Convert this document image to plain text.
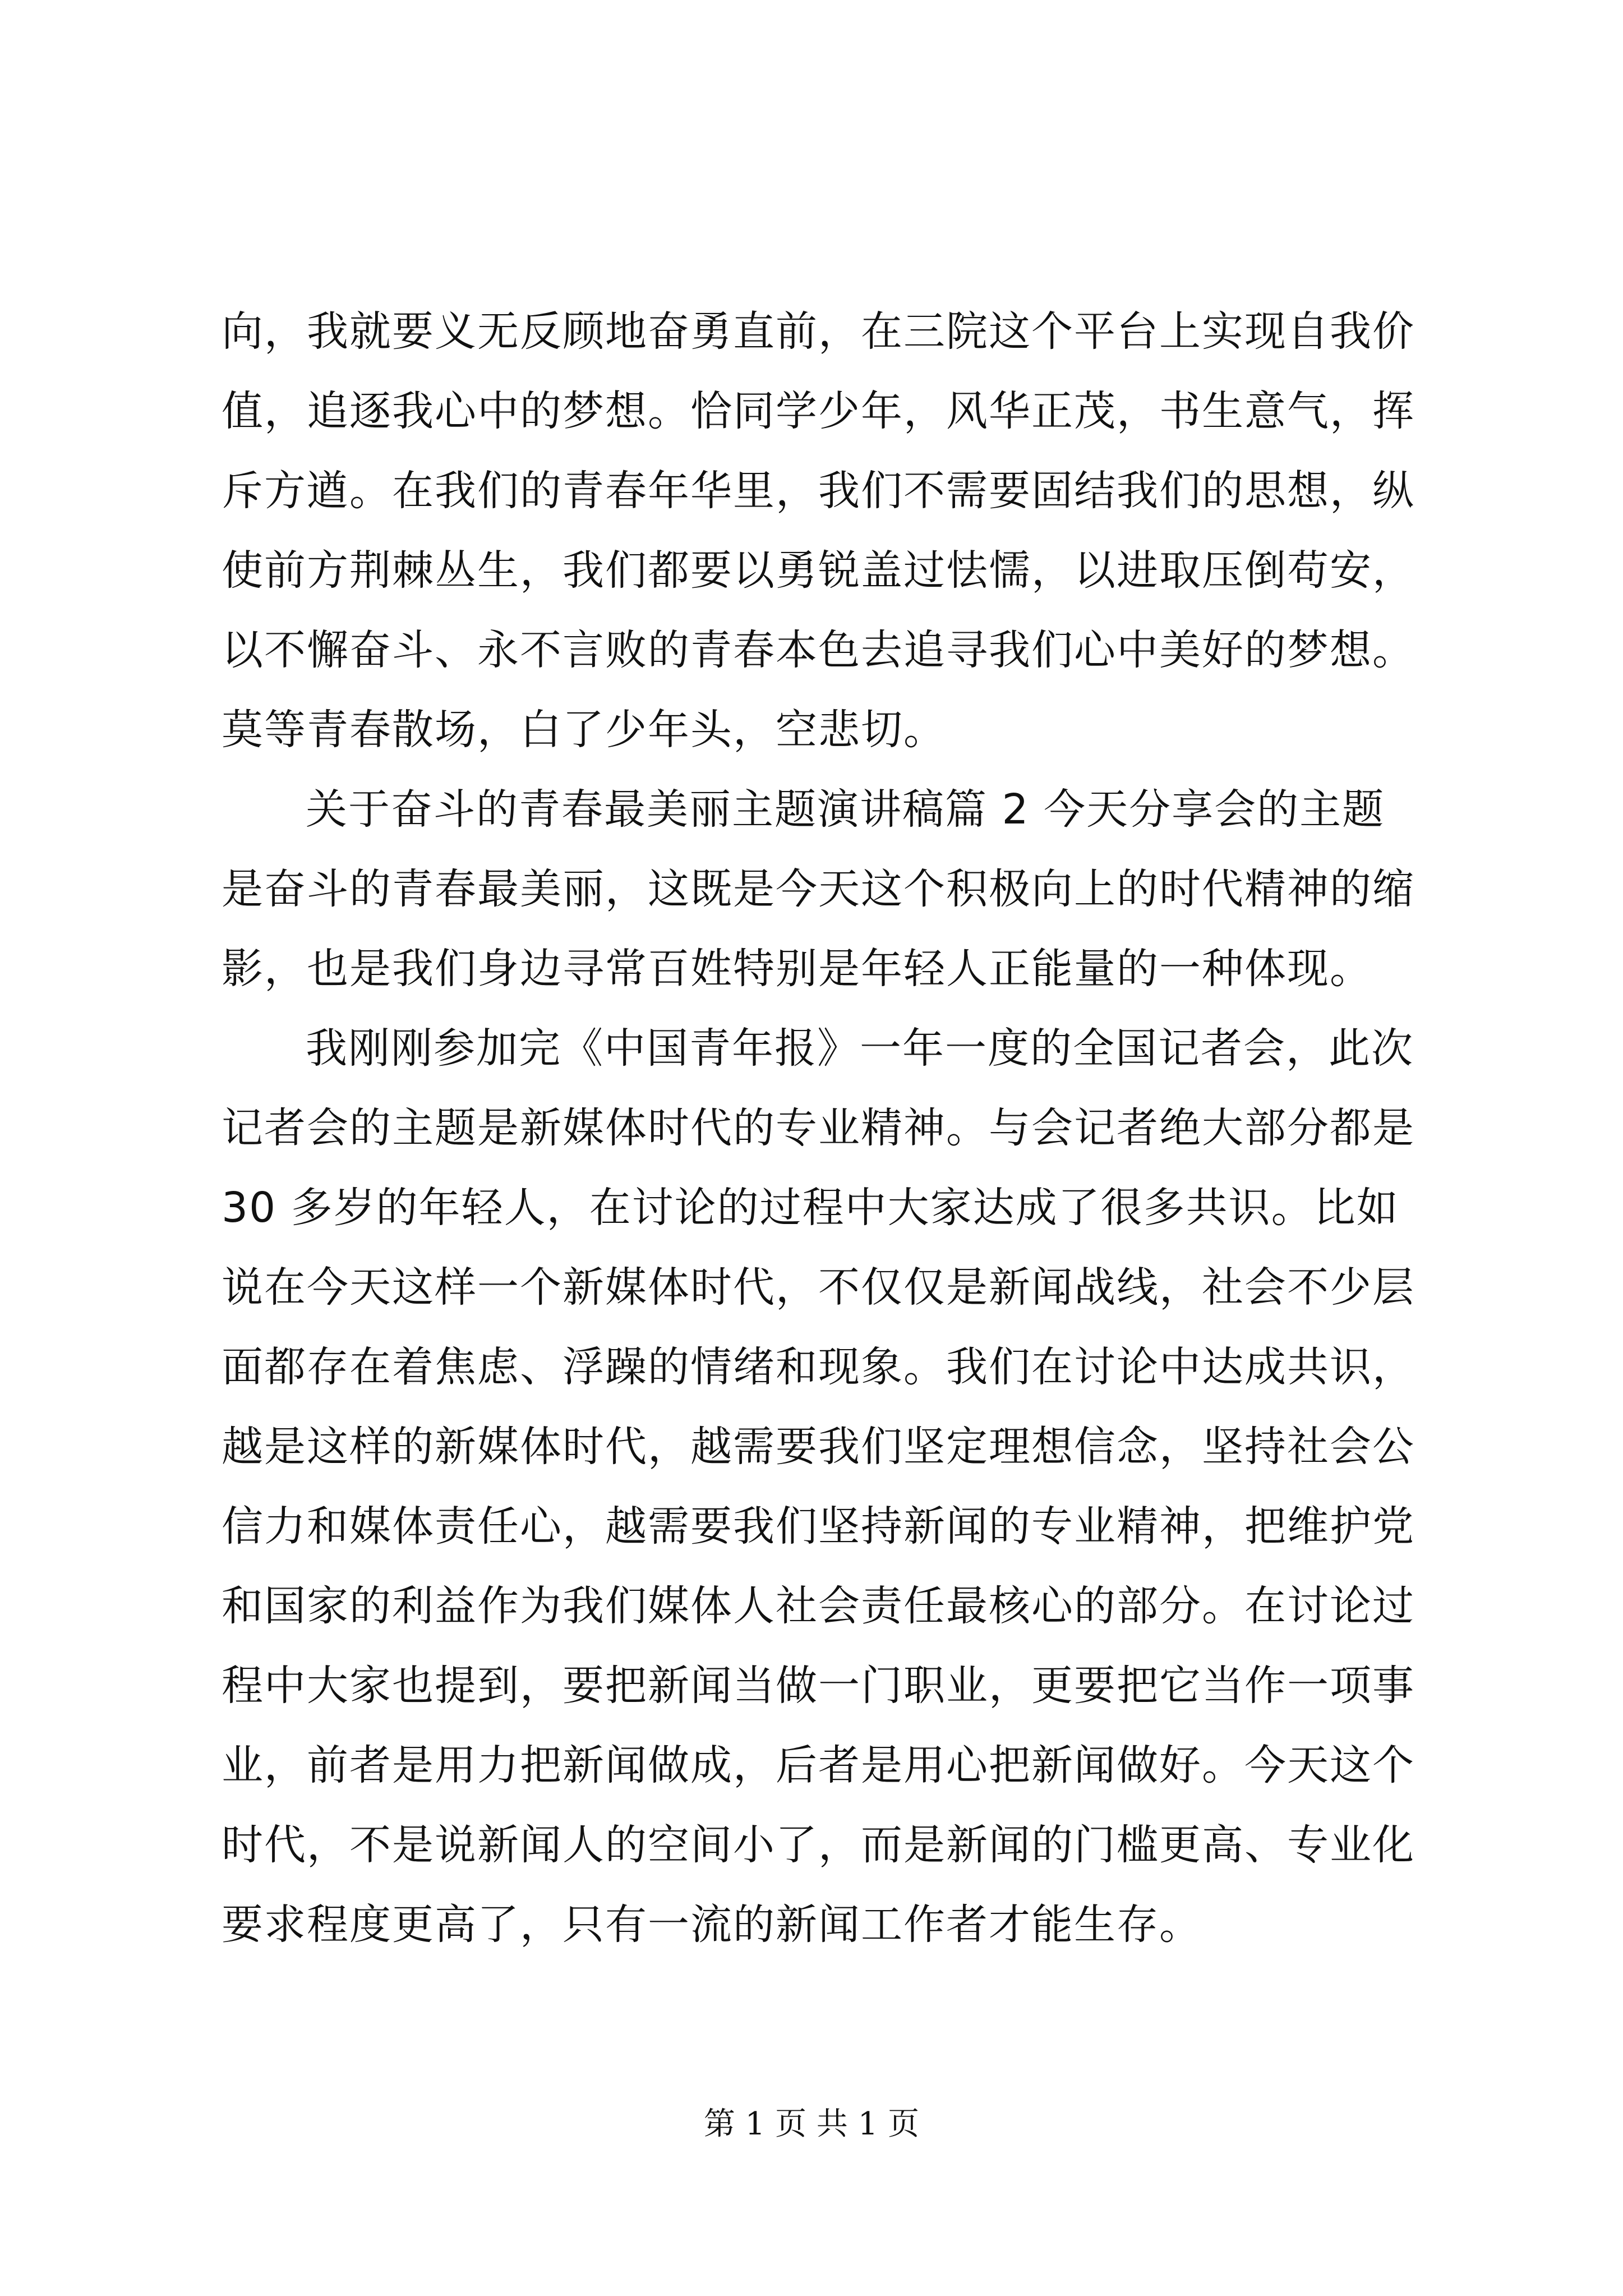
向，我就要义无反顾地奋勇直前，在三院这个平台上实现自我价
值，追逐我心中的梦想。恰同学少年，风华正茂，书生意气，挥
斥方遒。在我们的青春年华里，我们不需要固结我们的思想，纵
使前方荆棘丛生，我们都要以勇锐盖过怯懦，以进取压倒苟安，
以不懈奋斗、永不言败的青春本色去追寻我们心中美好的梦想。
莫等青春散场，白了少年头，空悲切。
关于奋斗的青春最美丽主题演讲稿篇 2 今天分享会的主题
是奋斗的青春最美丽，这既是今天这个积极向上的时代精神的缩
影，也是我们身边寻常百姓特别是年轻人正能量的一种体现。
我刚刚参加完《中国青年报》一年一度的全国记者会，此次
记者会的主题是新媒体时代的专业精神。与会记者绝大部分都是
30 多岁的年轻人，在讨论的过程中大家达成了很多共识。比如
说在今天这样一个新媒体时代，不仅仅是新闻战线，社会不少层
面都存在着焦虑、浮躁的情绪和现象。我们在讨论中达成共识，
越是这样的新媒体时代，越需要我们坚定理想信念，坚持社会公
信力和媒体责任心，越需要我们坚持新闻的专业精神，把维护党
和国家的利益作为我们媒体人社会责任最核心的部分。在讨论过
程中大家也提到，要把新闻当做一门职业，更要把它当作一项事
业，前者是用力把新闻做成，后者是用心把新闻做好。今天这个
时代，不是说新闻人的空间小了，而是新闻的门槛更高、专业化
要求程度更高了，只有一流的新闻工作者才能生存。
第 1 页 共 1 页
